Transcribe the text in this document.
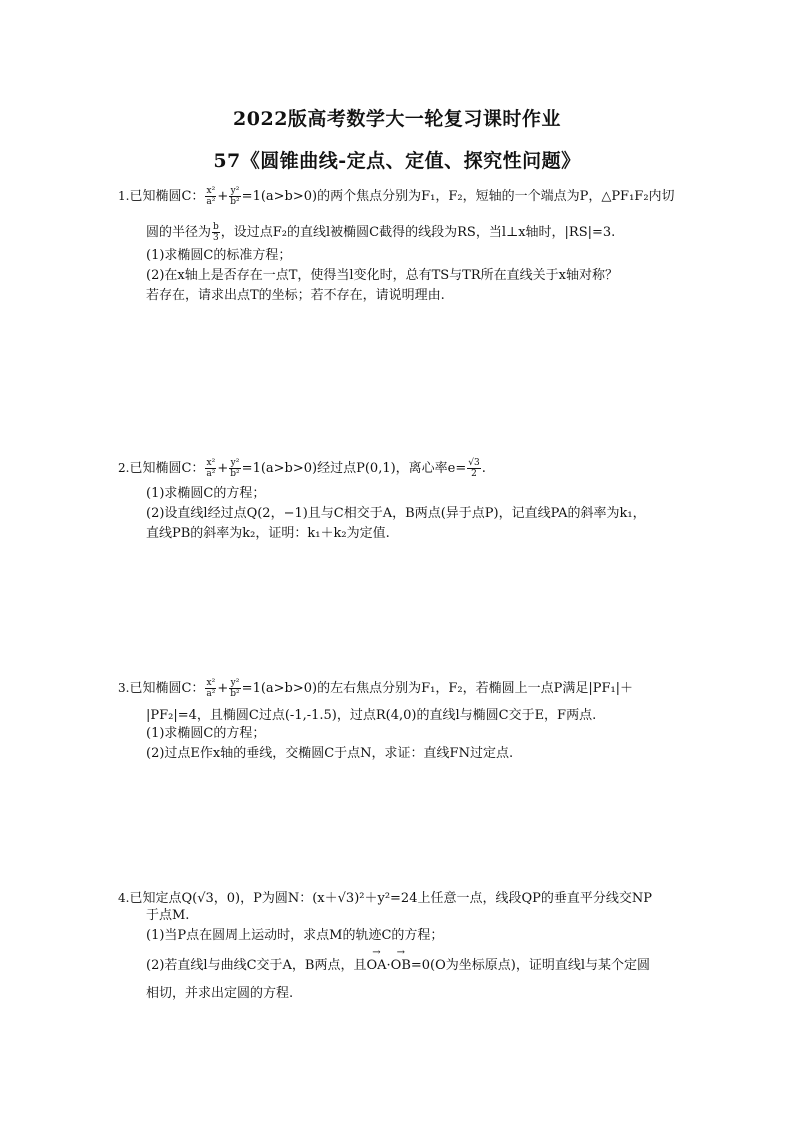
2022版高考数学大一轮复习课时作业
57《圆锥曲线-定点、定值、探究性问题》
1.已知椭圆C： $\frac{\text{x²}}{\text{a²}} + \frac{\text{y²}}{\text{b²}} =1(a>b>0)$的两个焦点分别为F₁，F₂，短轴的一个端点为P，△PF₁F₂内切
圆的半径为 $\frac{b}{3}$ ，设过点F₂的直线l被椭圆C截得的线段为RS，当l⊥x轴时，|RS|=3.
(1)求椭圆C的标准方程；
(2)在x轴上是否存在一点T，使得当l变化时，总有TS与TR所在直线关于x轴对称？
若存在，请求出点T的坐标；若不存在，请说明理由.
2.已知椭圆C： $\frac{\text{x²}}{\text{a²}} + \frac{\text{y²}}{\text{b²}} =1(a>b>0)$经过点P(0,1)，离心率$e= \frac{√3}{2}$ .
(1)求椭圆C的方程；
(2)设直线l经过点Q(2，−1)且与C相交于A，B两点(异于点P)，记直线PA的斜率为k₁，
直线PB的斜率为k₂，证明：k₁＋k₂为定值.
3.已知椭圆C： $\frac{\text{x²}}{\text{a²}} + \frac{\text{y²}}{\text{b²}} =1(a>b>0)$的左右焦点分别为F₁，F₂，若椭圆上一点P满足|PF₁|＋
|PF₂|=4，且椭圆C过点(-1,-1.5)，过点R(4,0)的直线l与椭圆C交于E，F两点.
(1)求椭圆C的方程；
(2)过点E作x轴的垂线，交椭圆C于点N，求证：直线FN过定点.
4.已知定点Q(√3，0)，P为圆N：(x＋√3)²＋y²=24上任意一点，线段QP的垂直平分线交NP
于点M.
(1)当P点在圆周上运动时，求点M的轨迹C的方程；
(2)若直线l与曲线C交于A，B两点，且→ OA·→ OB=0(O为坐标原点)，证明直线l与某个定圆
相切，并求出定圆的方程.
